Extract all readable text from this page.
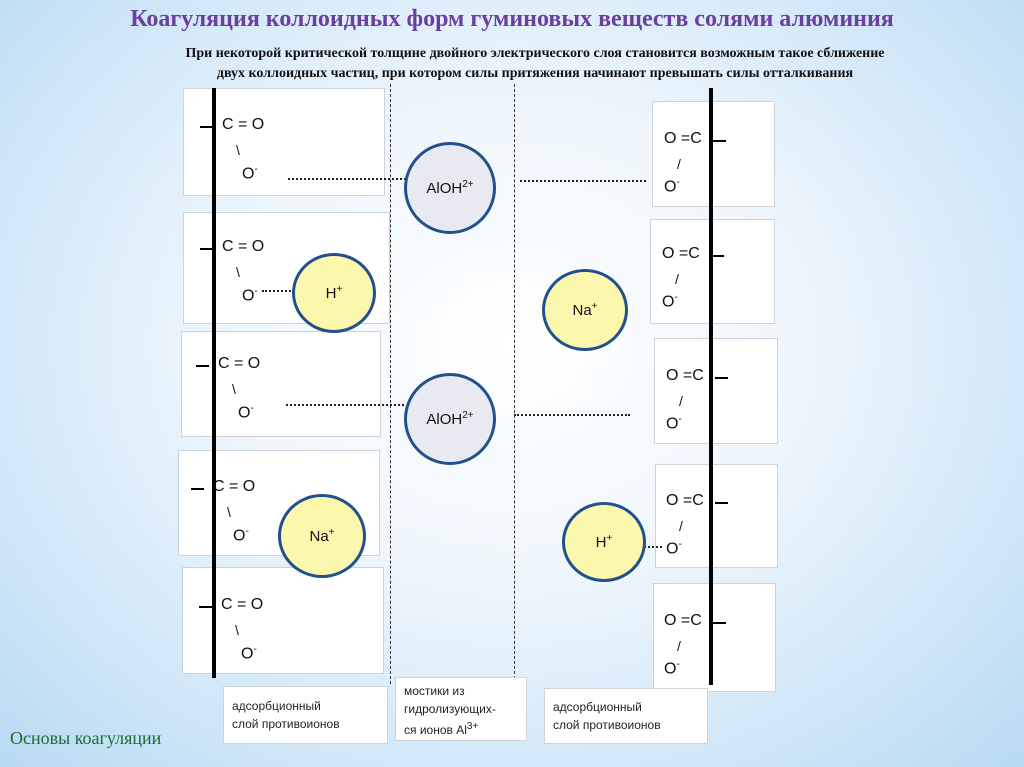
Коагуляция коллоидных форм гуминовых веществ солями алюминия
При некоторой критической толщине двойного электрического слоя становится возможным такое сближение
двух коллоидных частиц, при котором силы притяжения начинают превышать силы отталкивания
C = O
\
O-
C = O
\
O-
C = O
\
O-
C = O
\
O-
C = O
\
O-
O =C
/
O-
O =C
/
O-
O =C
/
O-
O =C
/
O-
O =C
/
O-
AlOH$^{2+}$
AlOH$^{2+}$
H+
Na+
Na+
H+
адсорбционный
слой противоионов
мостики из
гидролизующих-
ся ионов $Al^{3+}$
адсорбционный
слой противоионов
Основы коагуляции
